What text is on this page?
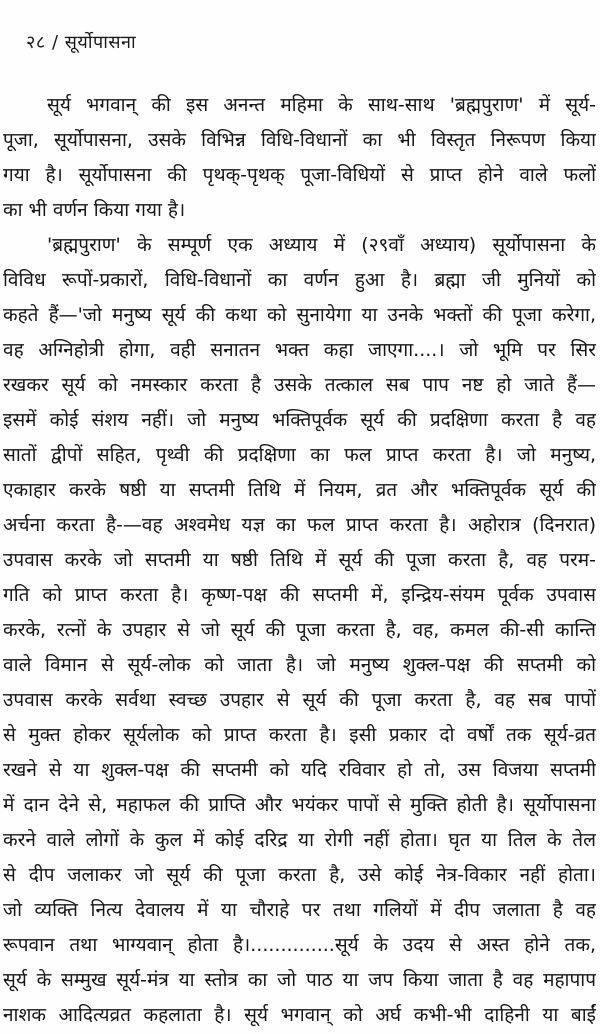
२८ / सूर्योपासना
सूर्य भगवान् की इस अनन्त महिमा के साथ-साथ 'ब्रह्मपुराण' में सूर्य-
पूजा, सूर्योपासना, उसके विभिन्न विधि-विधानों का भी विस्तृत निरूपण किया
गया है। सूर्योपासना की पृथक्-पृथक् पूजा-विधियों से प्राप्त होने वाले फलों
का भी वर्णन किया गया है।
'ब्रह्मपुराण' के सम्पूर्ण एक अध्याय में (२९वाँ अध्याय) सूर्योपासना के
विविध रूपों-प्रकारों, विधि-विधानों का वर्णन हुआ है। ब्रह्मा जी मुनियों को
कहते हैं—'जो मनुष्य सूर्य की कथा को सुनायेगा या उनके भक्तों की पूजा करेगा,
वह अग्निहोत्री होगा, वही सनातन भक्त कहा जाएगा....। जो भूमि पर सिर
रखकर सूर्य को नमस्कार करता है उसके तत्काल सब पाप नष्ट हो जाते हैं—
इसमें कोई संशय नहीं। जो मनुष्य भक्तिपूर्वक सूर्य की प्रदक्षिणा करता है वह
सातों द्वीपों सहित, पृथ्वी की प्रदक्षिणा का फल प्राप्त करता है। जो मनुष्य,
एकाहार करके षष्ठी या सप्तमी तिथि में नियम, व्रत और भक्तिपूर्वक सूर्य की
अर्चना करता है-—वह अश्वमेध यज्ञ का फल प्राप्त करता है। अहोरात्र (दिनरात)
उपवास करके जो सप्तमी या षष्ठी तिथि में सूर्य की पूजा करता है, वह परम-
गति को प्राप्त करता है। कृष्ण-पक्ष की सप्तमी में, इन्द्रिय-संयम पूर्वक उपवास
करके, रत्नों के उपहार से जो सूर्य की पूजा करता है, वह, कमल की-सी कान्ति
वाले विमान से सूर्य-लोक को जाता है। जो मनुष्य शुक्ल-पक्ष की सप्तमी को
उपवास करके सर्वथा स्वच्छ उपहार से सूर्य की पूजा करता है, वह सब पापों
से मुक्त होकर सूर्यलोक को प्राप्त करता है। इसी प्रकार दो वर्षों तक सूर्य-व्रत
रखने से या शुक्ल-पक्ष की सप्तमी को यदि रविवार हो तो, उस विजया सप्तमी
में दान देने से, महाफल की प्राप्ति और भयंकर पापों से मुक्ति होती है। सूर्योपासना
करने वाले लोगों के कुल में कोई दरिद्र या रोगी नहीं होता। घृत या तिल के तेल
से दीप जलाकर जो सूर्य की पूजा करता है, उसे कोई नेत्र-विकार नहीं होता।
जो व्यक्ति नित्य देवालय में या चौराहे पर तथा गलियों में दीप जलाता है वह
रूपवान तथा भाग्यवान् होता है।..............सूर्य के उदय से अस्त होने तक,
सूर्य के सम्मुख सूर्य-मंत्र या स्तोत्र का जो पाठ या जप किया जाता है वह महापाप
नाशक आदित्यव्रत कहलाता है। सूर्य भगवान् को अर्घ कभी-भी दाहिनी या बाईं
